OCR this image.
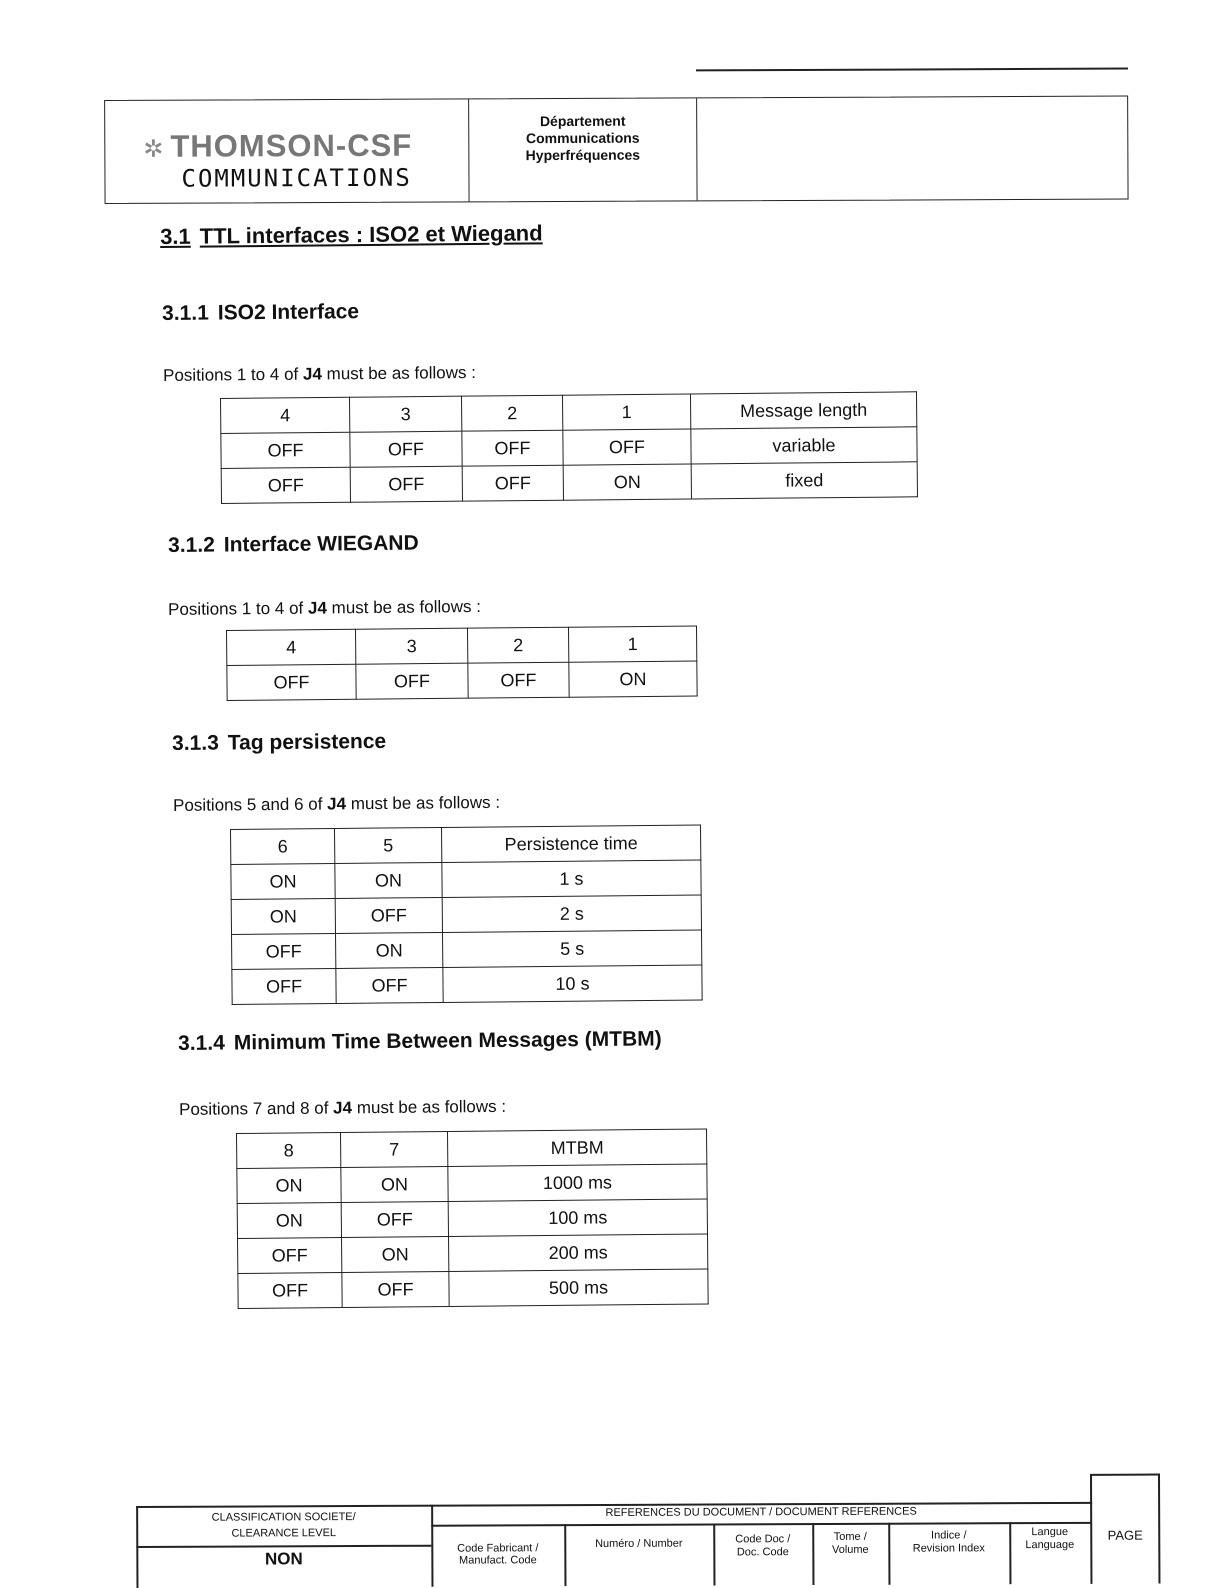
✲ THOMSON-CSF
COMMUNICATIONS
Département
Communications
Hyperfréquences
3.1 TTL interfaces : ISO2 et Wiegand
3.1.1 ISO2 Interface
Positions 1 to 4 of J4 must be as follows :
4	3	2	1	Message length
OFF	OFF	OFF	OFF	variable
OFF	OFF	OFF	ON	fixed
3.1.2 Interface WIEGAND
Positions 1 to 4 of J4 must be as follows :
4	3	2	1
OFF	OFF	OFF	ON
3.1.3 Tag persistence
Positions 5 and 6 of J4 must be as follows :
6	5	Persistence time
ON	ON	1 s
ON	OFF	2 s
OFF	ON	5 s
OFF	OFF	10 s
3.1.4 Minimum Time Between Messages (MTBM)
Positions 7 and 8 of J4 must be as follows :
8	7	MTBM
ON	ON	1000 ms
ON	OFF	100 ms
OFF	ON	200 ms
OFF	OFF	500 ms
CLASSIFICATION SOCIETE/
CLEARANCE LEVEL
NON
REFERENCES DU DOCUMENT / DOCUMENT REFERENCES
Code Fabricant /
Manufact. Code
Numéro / Number	Code Doc /
Doc. Code
Tome /
Volume
Indice /
Revision Index
Langue
Language
PAGE
